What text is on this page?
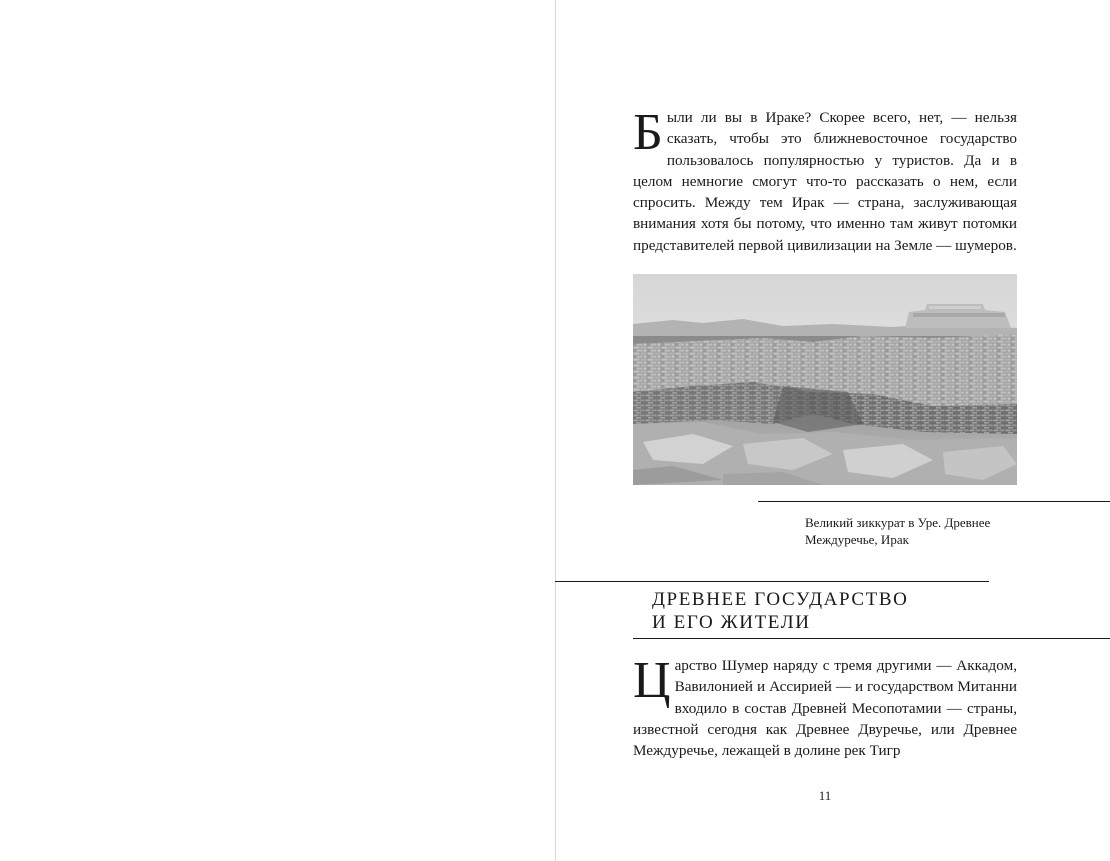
Были ли вы в Ираке? Скорее всего, нет, — нельзя сказать, чтобы это ближневосточное государство пользовалось популярностью у туристов. Да и в целом немногие смогут что-то рассказать о нем, если спросить. Между тем Ирак — страна, заслуживающая внимания хотя бы потому, что именно там живут потомки представителей первой цивилизации на Земле — шумеров.

Великий зиккурат в Уре. Древнее
Междуречье, Ирак
ДРЕВНЕЕ ГОСУДАРСТВО
И ЕГО ЖИТЕЛИ

Царство Шумер наряду с тремя другими — Аккадом, Вавилонией и Ассирией — и государством Митанни входило в состав Древней Месопотамии — страны, известной сегодня как Древнее Двуречье, или Древнее Междуречье, лежащей в долине рек Тигр

11
